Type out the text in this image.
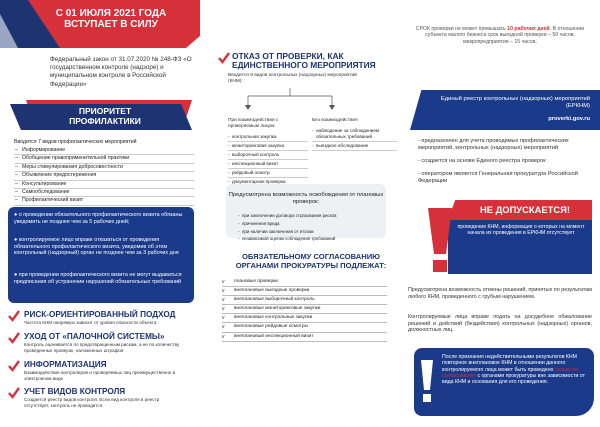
С 01 ИЮЛЯ 2021 ГОДА
ВСТУПАЕТ В СИЛУ
Федеральный закон от 31.07.2020 № 248-ФЗ «О государственном контроле (надзоре) и муниципальном контроле в Российской Федерации»
ПРИОРИТЕТ
ПРОФИЛАКТИКИ
Вводится 7 видов профилактических мероприятий
– Информирование
– Обобщение правоприменительной практики
– Меры стимулирования добросовестности
– Объявление предостережения
– Консультирование
– Самообследование
– Профилактический визит

● о проведении обязательного профилактического визита обязаны уведомить не позднее чем за 5 рабочих дней;

● контролируемое лицо вправе отказаться от проведения обязательного профилактического визита, уведомив об этом контрольный (надзорный) орган не позднее чем за 3 рабочих дня

● при проведении профилактического визита не могут выдаваться предписания об устранении нарушений обязательных требований

РИСК-ОРИЕНТИРОВАННЫЙ ПОДХОД
Частота КНМ напрямую зависит от уровня опасности объекта
УХОД ОТ «ПАЛОЧНОЙ СИСТЕМЫ»
Контроль оценивается по предотвращенным рискам, а не по количеству проведенных проверок, наложенных штрафов
ИНФОРМАТИЗАЦИЯ
Взаимодействие контролеров и проверяемых лиц преимущественно в электронном виде
УЧЕТ ВИДОВ КОНТРОЛЯ
Создается реестр видов контроля. Если вид контроля в реестр отсутствует, контроль не проводится
ОТКАЗ ОТ ПРОВЕРКИ, КАК ЕДИНСТВЕННОГО МЕРОПРИЯТИЯ
Вводится 9 видов контрольных (надзорных) мероприятий (КНМ):
При взаимодействии с проверяемым лицом
- контрольная закупка
- мониторинговая закупка
- выборочный контроль
- инспекционный визит
- рейдовый осмотр
- документарная проверка
-
Без взаимодействия
- наблюдение за соблюдением обязательных требований
- выездное обследование
Предусмотрена возможность освобождения от плановых проверок:
- при заключении договора страхования рисков
- причинения вреда
- при наличии заключения от итогам
- независимой оценки соблюдения требований
ОБЯЗАТЕЛЬНОМУ СОГЛАСОВАНИЮ ОРГАНАМИ ПРОКУРАТУРЫ ПОДЛЕЖАТ:
v плановые проверки
v внеплановые выездные проверки
v внеплановые выборочный контроль
v внеплановые мониторинговые закупки
v внеплановые контрольные закупки
v внеплановые рейдовые осмотры
v внеплановый инспекционный визит
СРОК проверки не может превышать 10 рабочих дней. В отношении субъекта малого бизнеса срок выездной проверки – 50 часов, микропредприятия – 15 часов.
Единый реестр контрольных (надзорных) мероприятий (ЕРКНМ)
proverki.gov.ru

- предназначен для учета проводимых профилактических мероприятий, контрольных (надзорных) мероприятий

- создается на основе Единого реестра проверок

- оператором является Генеральная прокуратура Российской Федерации

НЕ ДОПУСКАЕТСЯ!
проведение КНМ, информация о которых на момент начала их проведения в ЕРКНМ отсутствует
Предусмотрена возможность отмены решений, принятых по результатам любого КНМ, проведенного с грубым нарушением.
Контролируемые лица вправе подать на досудебное обжалование решений и действий (бездействия) контрольных (надзорных) органов, должностных лиц.

После признания недействительными результатов КНМ повторное внеплановое КНМ в отношении данного контролируемого лица может быть проведено только по согласованию с органами прокуратуры вне зависимости от вида КНМ и основания для его проведения.
